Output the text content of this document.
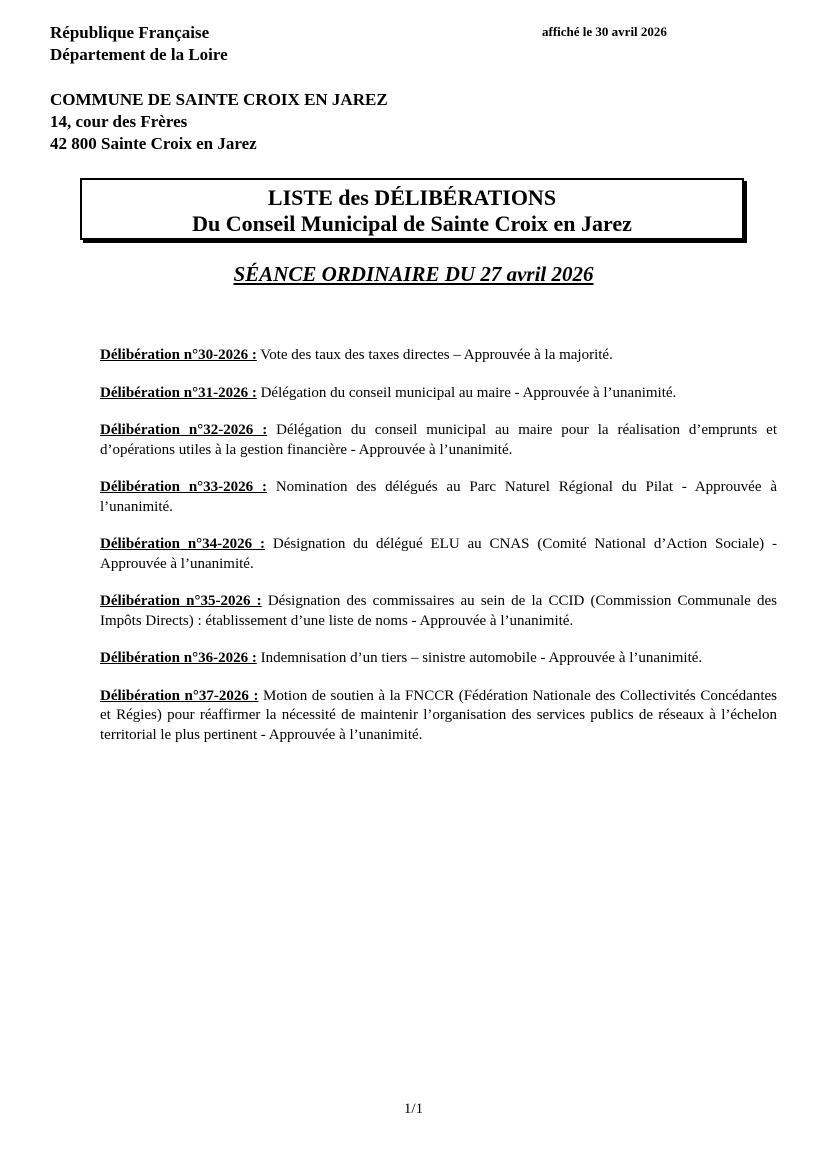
République Française
Département de la Loire
affiché le 30 avril 2026
COMMUNE DE SAINTE CROIX EN JAREZ
14, cour des Frères
42 800 Sainte Croix en Jarez
LISTE des DÉLIBÉRATIONS
Du Conseil Municipal de Sainte Croix en Jarez
SÉANCE ORDINAIRE DU 27 avril 2026

Délibération n°30-2026 : Vote des taux des taxes directes – Approuvée à la majorité.

Délibération n°31-2026 : Délégation du conseil municipal au maire - Approuvée à l’unanimité.

Délibération n°32-2026 : Délégation du conseil municipal au maire pour la réalisation d’emprunts et d’opérations utiles à la gestion financière - Approuvée à l’unanimité.

Délibération n°33-2026 : Nomination des délégués au Parc Naturel Régional du Pilat - Approuvée à l’unanimité.

Délibération n°34-2026 : Désignation du délégué ELU au CNAS (Comité National d’Action Sociale) - Approuvée à l’unanimité.

Délibération n°35-2026 : Désignation des commissaires au sein de la CCID (Commission Communale des Impôts Directs) : établissement d’une liste de noms - Approuvée à l’unanimité.

Délibération n°36-2026 : Indemnisation d’un tiers – sinistre automobile - Approuvée à l’unanimité.

Délibération n°37-2026 : Motion de soutien à la FNCCR (Fédération Nationale des Collectivités Concédantes et Régies) pour réaffirmer la nécessité de maintenir l’organisation des services publics de réseaux à l’échelon territorial le plus pertinent - Approuvée à l’unanimité.

1/1
